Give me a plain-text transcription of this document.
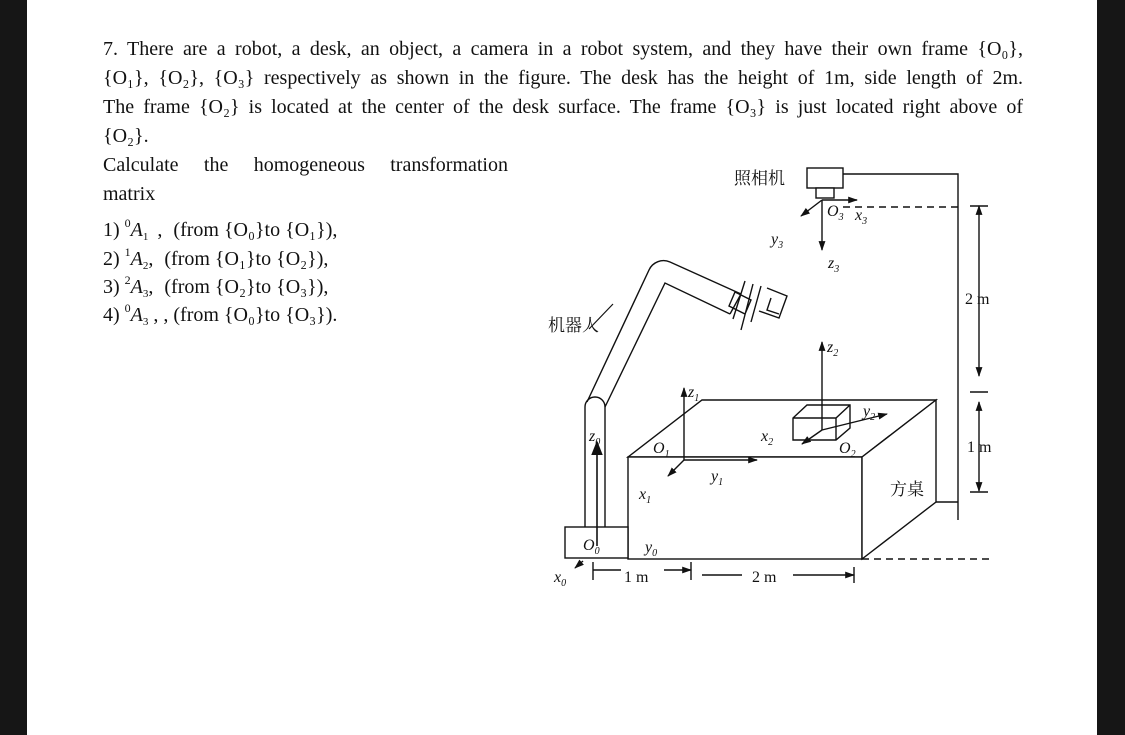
7. There are a robot, a desk, an object, a camera in a robot system, and they have their own frame {O₀},
{O₁}, {O₂}, {O₃} respectively as shown in the figure. The desk has the height of 1m, side length of 2m.
The frame {O₂} is located at the center of the desk surface. The frame {O₃} is just located right above of
{O₂}.
Calculate the homogeneous transformation
matrix
1) $^0A_1$  , (from {O₀}to {O₁}),
2) $^1A_2$, (from {O₁}to {O₂}),
3) $^2A_3$, (from {O₂}to {O₃}),
4) $^0A_3$ , , (from {O₀}to {O₃}).
照相机
机器人
方桌
2 m
1 m
1 m	2 m
$O_0$
$O_1$	$O_2$
$O_3$
$x_0$
$y_0$
$z_0$
$x_1$
$y_1$
$z_1$
$x_2$
$y_2$
$z_2$
$x_3$
$y_3$
$z_3$
